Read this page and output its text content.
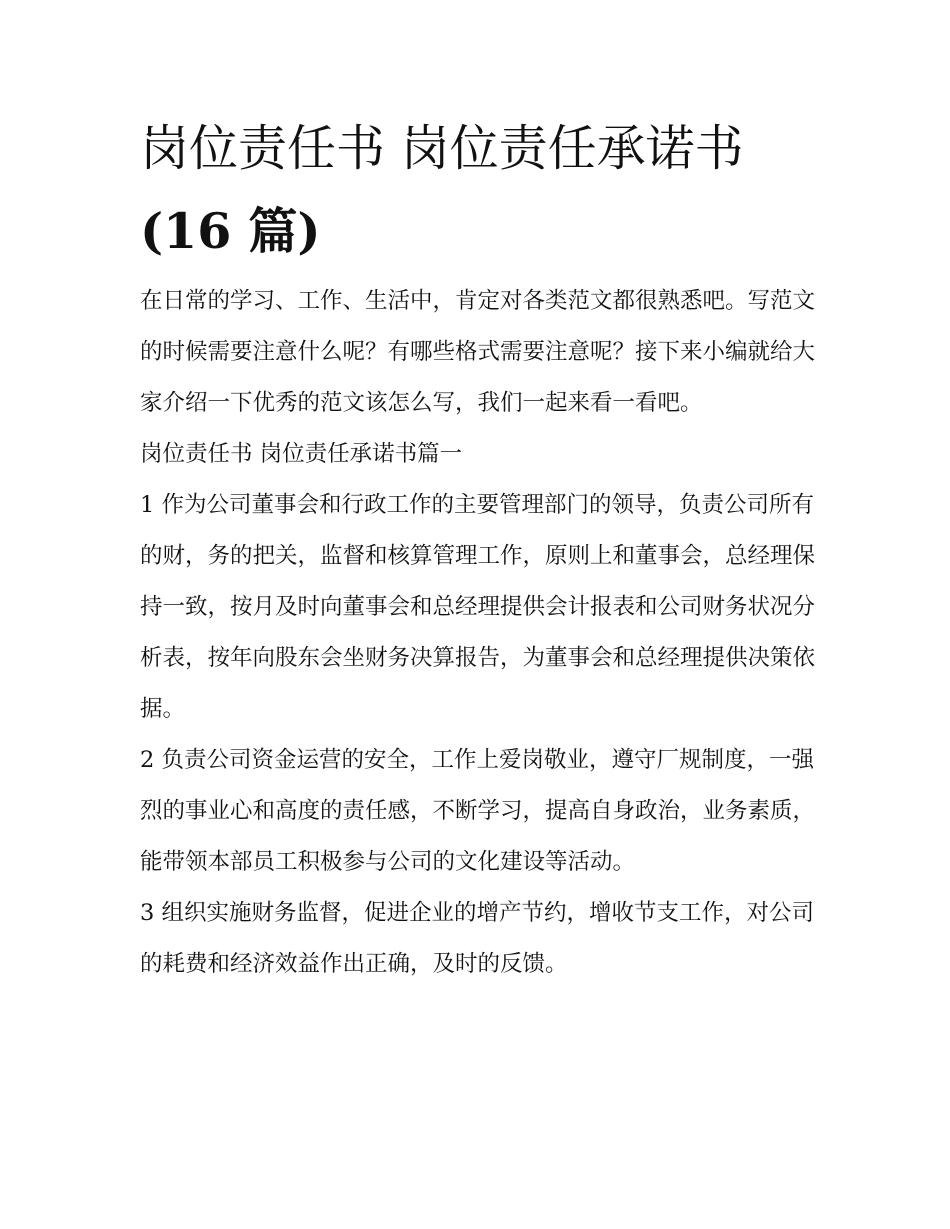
岗位责任书 岗位责任承诺书
(16 篇)

在日常的学习、工作、生活中，肯定对各类范文都很熟悉吧。写范文的时候需要注意什么呢？有哪些格式需要注意呢？接下来小编就给大家介绍一下优秀的范文该怎么写，我们一起来看一看吧。

岗位责任书 岗位责任承诺书篇一

1 作为公司董事会和行政工作的主要管理部门的领导，负责公司所有的财，务的把关，监督和核算管理工作，原则上和董事会，总经理保持一致，按月及时向董事会和总经理提供会计报表和公司财务状况分析表，按年向股东会坐财务决算报告，为董事会和总经理提供决策依据。

2 负责公司资金运营的安全，工作上爱岗敬业，遵守厂规制度，一强烈的事业心和高度的责任感，不断学习，提高自身政治，业务素质，能带领本部员工积极参与公司的文化建设等活动。

3 组织实施财务监督，促进企业的增产节约，增收节支工作，对公司的耗费和经济效益作出正确，及时的反馈。
